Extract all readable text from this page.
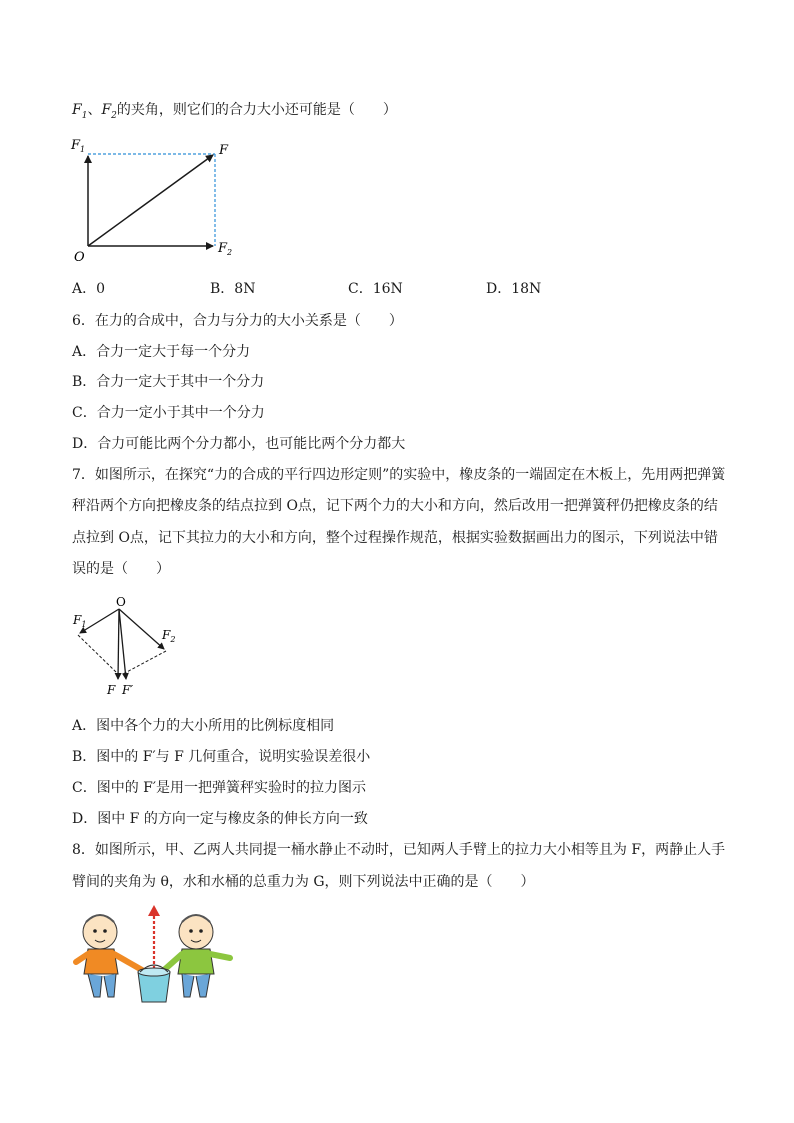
$F_1$、$F_2$的夹角，则它们的合力大小还可能是（　　）
$F_1$	F
$F_2$
O
A．0	B．8N	C．16N	D．18N
6．在力的合成中，合力与分力的大小关系是（　　）
A．合力一定大于每一个分力
B．合力一定大于其中一个分力
C．合力一定小于其中一个分力
D．合力可能比两个分力都小，也可能比两个分力都大
7．如图所示，在探究“力的合成的平行四边形定则”的实验中，橡皮条的一端固定在木板上，先用两把弹簧
秤沿两个方向把橡皮条的结点拉到 O点，记下两个力的大小和方向，然后改用一把弹簧秤仍把橡皮条的结
点拉到 O点，记下其拉力的大小和方向，整个过程操作规范，根据实验数据画出力的图示，下列说法中错
误的是（　　）
O
$F_1$
$F_2$
F F′
A．图中各个力的大小所用的比例标度相同
B．图中的 F′与 F 几何重合，说明实验误差很小
C．图中的 F′是用一把弹簧秤实验时的拉力图示
D．图中 F 的方向一定与橡皮条的伸长方向一致
8．如图所示，甲、乙两人共同提一桶水静止不动时，已知两人手臂上的拉力大小相等且为 F，两静止人手
臂间的夹角为 θ，水和水桶的总重力为 G，则下列说法中正确的是（　　）
